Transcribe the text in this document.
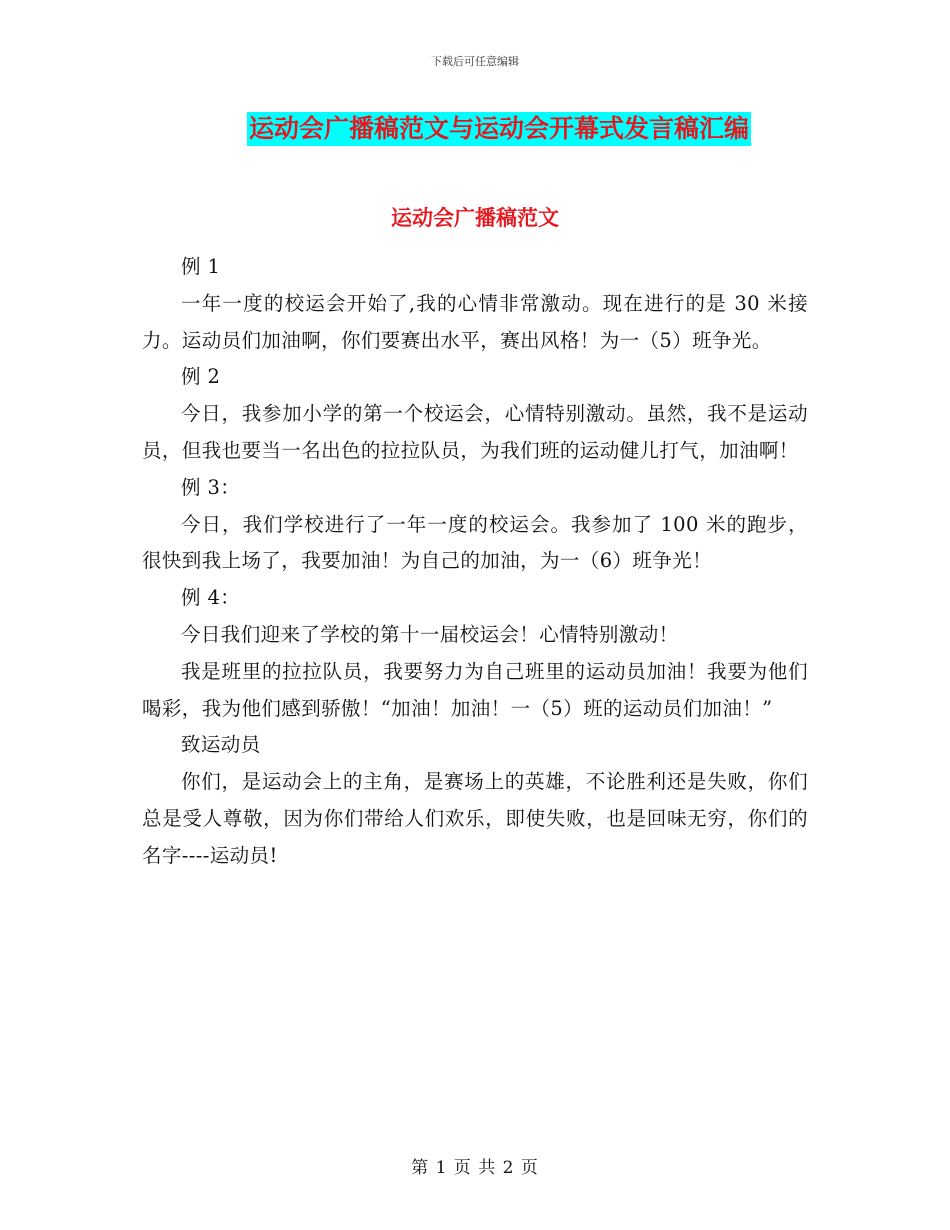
下载后可任意编辑
运动会广播稿范文与运动会开幕式发言稿汇编
运动会广播稿范文

例 1

一年一度的校运会开始了,我的心情非常激动。现在进行的是 30 米接力。运动员们加油啊，你们要赛出水平，赛出风格！为一（5）班争光。

例 2

今日，我参加小学的第一个校运会，心情特别激动。虽然，我不是运动员，但我也要当一名出色的拉拉队员，为我们班的运动健儿打气，加油啊！

例 3：

今日，我们学校进行了一年一度的校运会。我参加了 100 米的跑步，很快到我上场了，我要加油！为自己的加油，为一（6）班争光！

例 4：

今日我们迎来了学校的第十一届校运会！心情特别激动！

我是班里的拉拉队员，我要努力为自己班里的运动员加油！我要为他们喝彩，我为他们感到骄傲！“加油！加油！一（5）班的运动员们加油！”

致运动员

你们，是运动会上的主角，是赛场上的英雄，不论胜利还是失败，你们总是受人尊敬，因为你们带给人们欢乐，即使失败，也是回味无穷，你们的名字----运动员!

第 1 页 共 2 页
